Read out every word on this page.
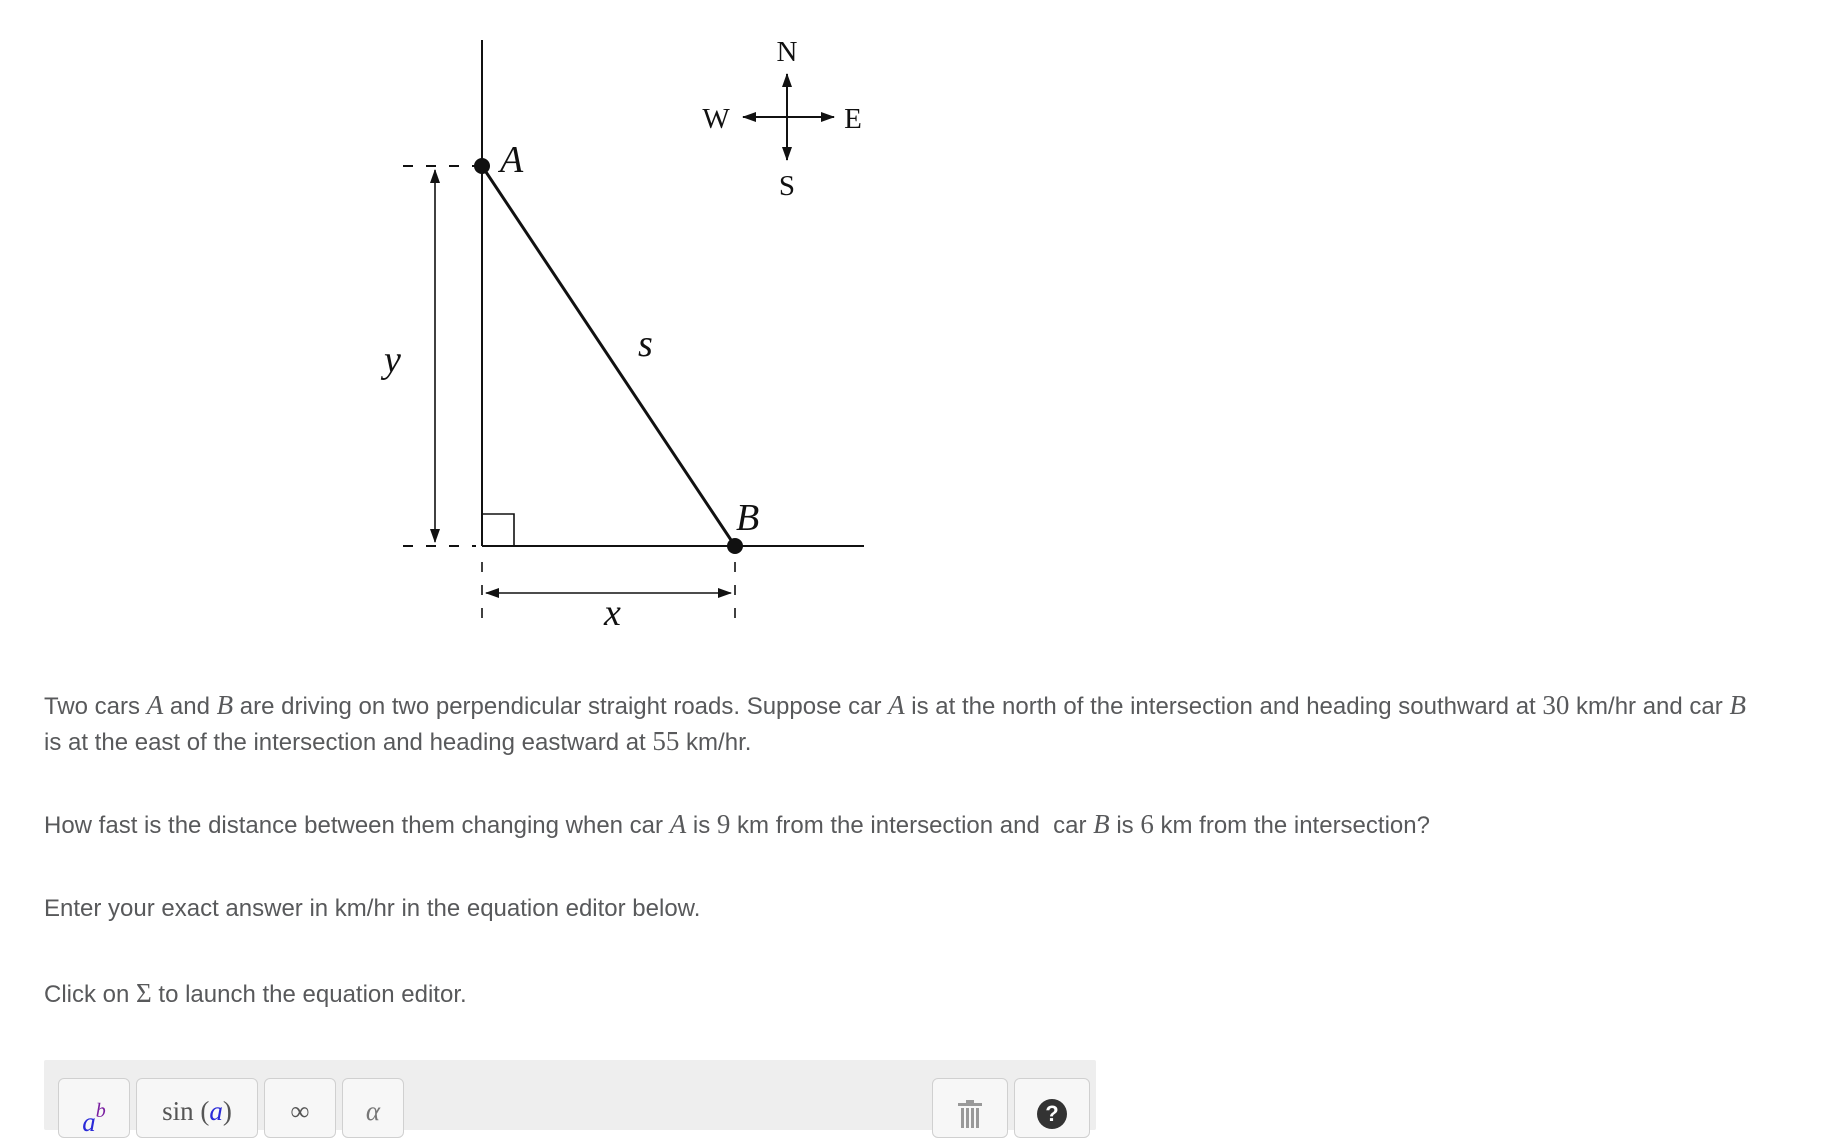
A
B
y	s
x
N
S
W	E

Two cars A and B are driving on two perpendicular straight roads. Suppose car A is at the north of the intersection and heading southward at 30 km/hr and car B is at the east of the intersection and heading eastward at 55 km/hr.

How fast is the distance between them changing when car A is 9 km from the intersection and  car B is 6 km from the intersection?

Enter your exact answer in km/hr in the equation editor below.

Click on Σ to launch the equation editor.

$a^b$	sin (a)	∞	α	?
